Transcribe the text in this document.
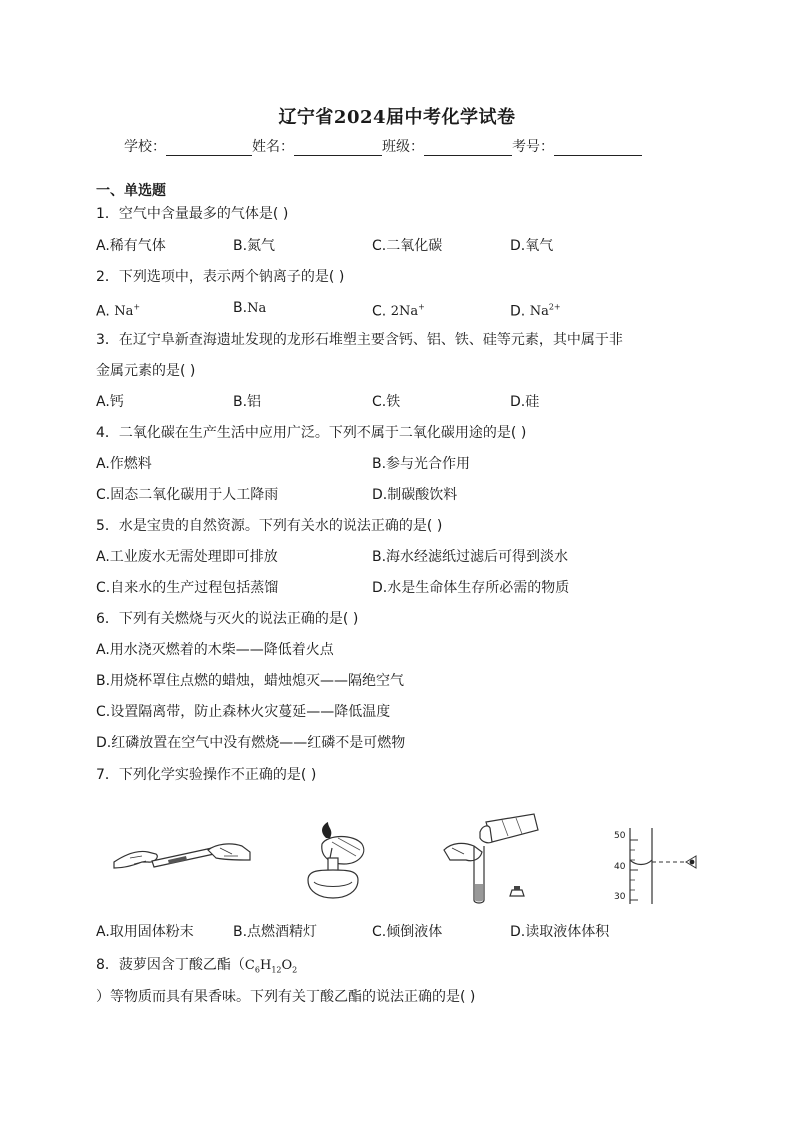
辽宁省2024届中考化学试卷
学校：	姓名：	班级：	考号：
一、单选题
1．空气中含量最多的气体是( )
A.稀有气体	B.氮气	C.二氧化碳	D.氧气
2．下列选项中，表示两个钠离子的是( )
A. Na+	B.Na	C. 2Na+	D. $Na^{2+}$
3．在辽宁阜新查海遗址发现的龙形石堆塑主要含钙、铝、铁、硅等元素，其中属于非
金属元素的是( )
A.钙	B.铝	C.铁	D.硅
4．二氧化碳在生产生活中应用广泛。下列不属于二氧化碳用途的是( )
A.作燃料	B.参与光合作用
C.固态二氧化碳用于人工降雨	D.制碳酸饮料
5．水是宝贵的自然资源。下列有关水的说法正确的是( )
A.工业废水无需处理即可排放	B.海水经滤纸过滤后可得到淡水
C.自来水的生产过程包括蒸馏	D.水是生命体生存所必需的物质
6．下列有关燃烧与灭火的说法正确的是( )
A.用水浇灭燃着的木柴——降低着火点
B.用烧杯罩住点燃的蜡烛，蜡烛熄灭——隔绝空气
C.设置隔离带，防止森林火灾蔓延——降低温度
D.红磷放置在空气中没有燃烧——红磷不是可燃物
7．下列化学实验操作不正确的是( )
50
40
30
A.取用固体粉末	B.点燃酒精灯	C.倾倒液体	D.读取液体体积
8．菠萝因含丁酸乙酯（$C_6H_{12}O_2$
）等物质而具有果香味。下列有关丁酸乙酯的说法正确的是( )
